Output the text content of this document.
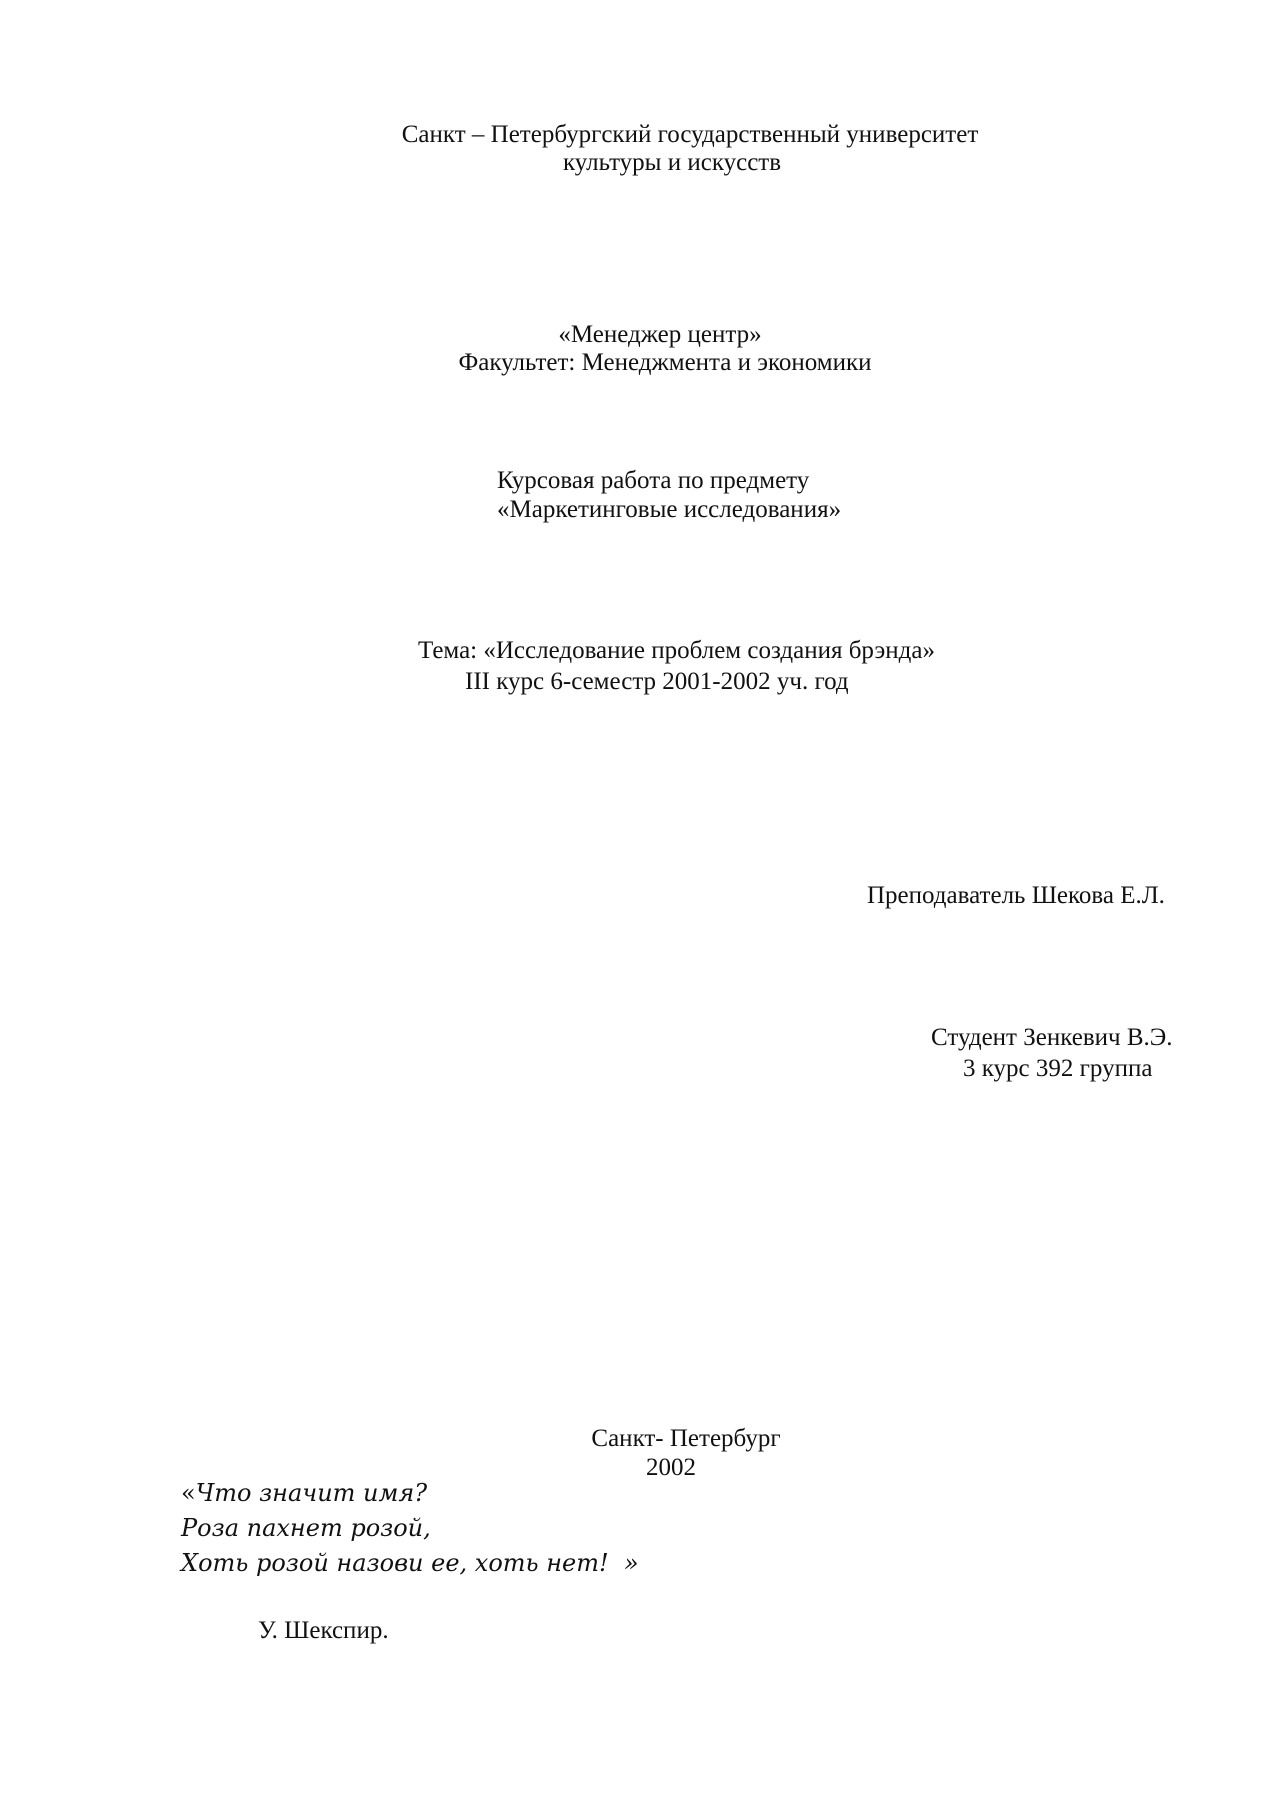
Санкт – Петербургский государственный университет
культуры и искусств
«Менеджер центр»
Факультет: Менеджмента и экономики
Курсовая работа по предмету
«Маркетинговые исследования»
Тема: «Исследование проблем создания брэнда»
III курс 6-семестр 2001-2002 уч. год
Преподаватель Шекова Е.Л.
Студент Зенкевич В.Э.
3 курс 392 группа
Санкт- Петербург
2002
«Что значит имя?
Роза пахнет розой,
Хоть розой назови ее, хоть нет!  »
У. Шекспир.
